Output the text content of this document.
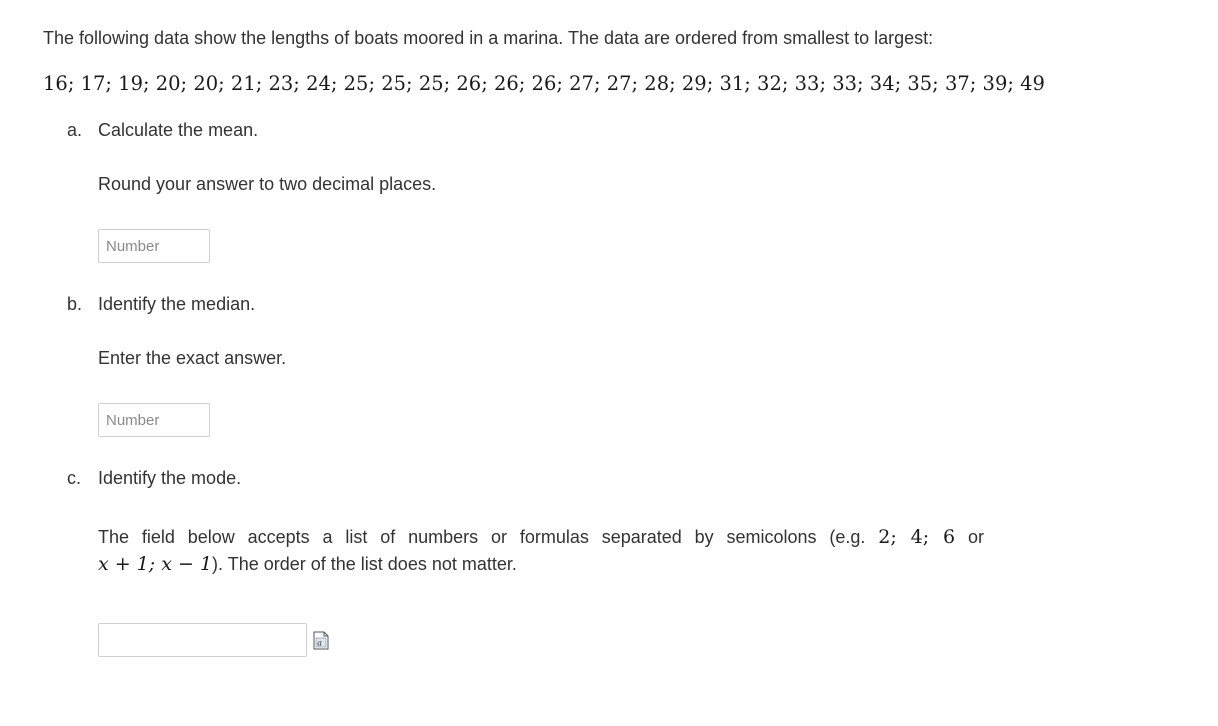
The following data show the lengths of boats moored in a marina. The data are ordered from smallest to largest:
16; 17; 19; 20; 20; 21; 23; 24; 25; 25; 25; 26; 26; 26; 27; 27; 28; 29; 31; 32; 33; 33; 34; 35; 37; 39; 49
a. Calculate the mean.
Round your answer to two decimal places.
Number
b. Identify the median.
Enter the exact answer.
Number
c. Identify the mode.
The field below accepts a list of numbers or formulas separated by semicolons (e.g. 2; 4; 6 or
x + 1; x − 1). The order of the list does not matter.
a
